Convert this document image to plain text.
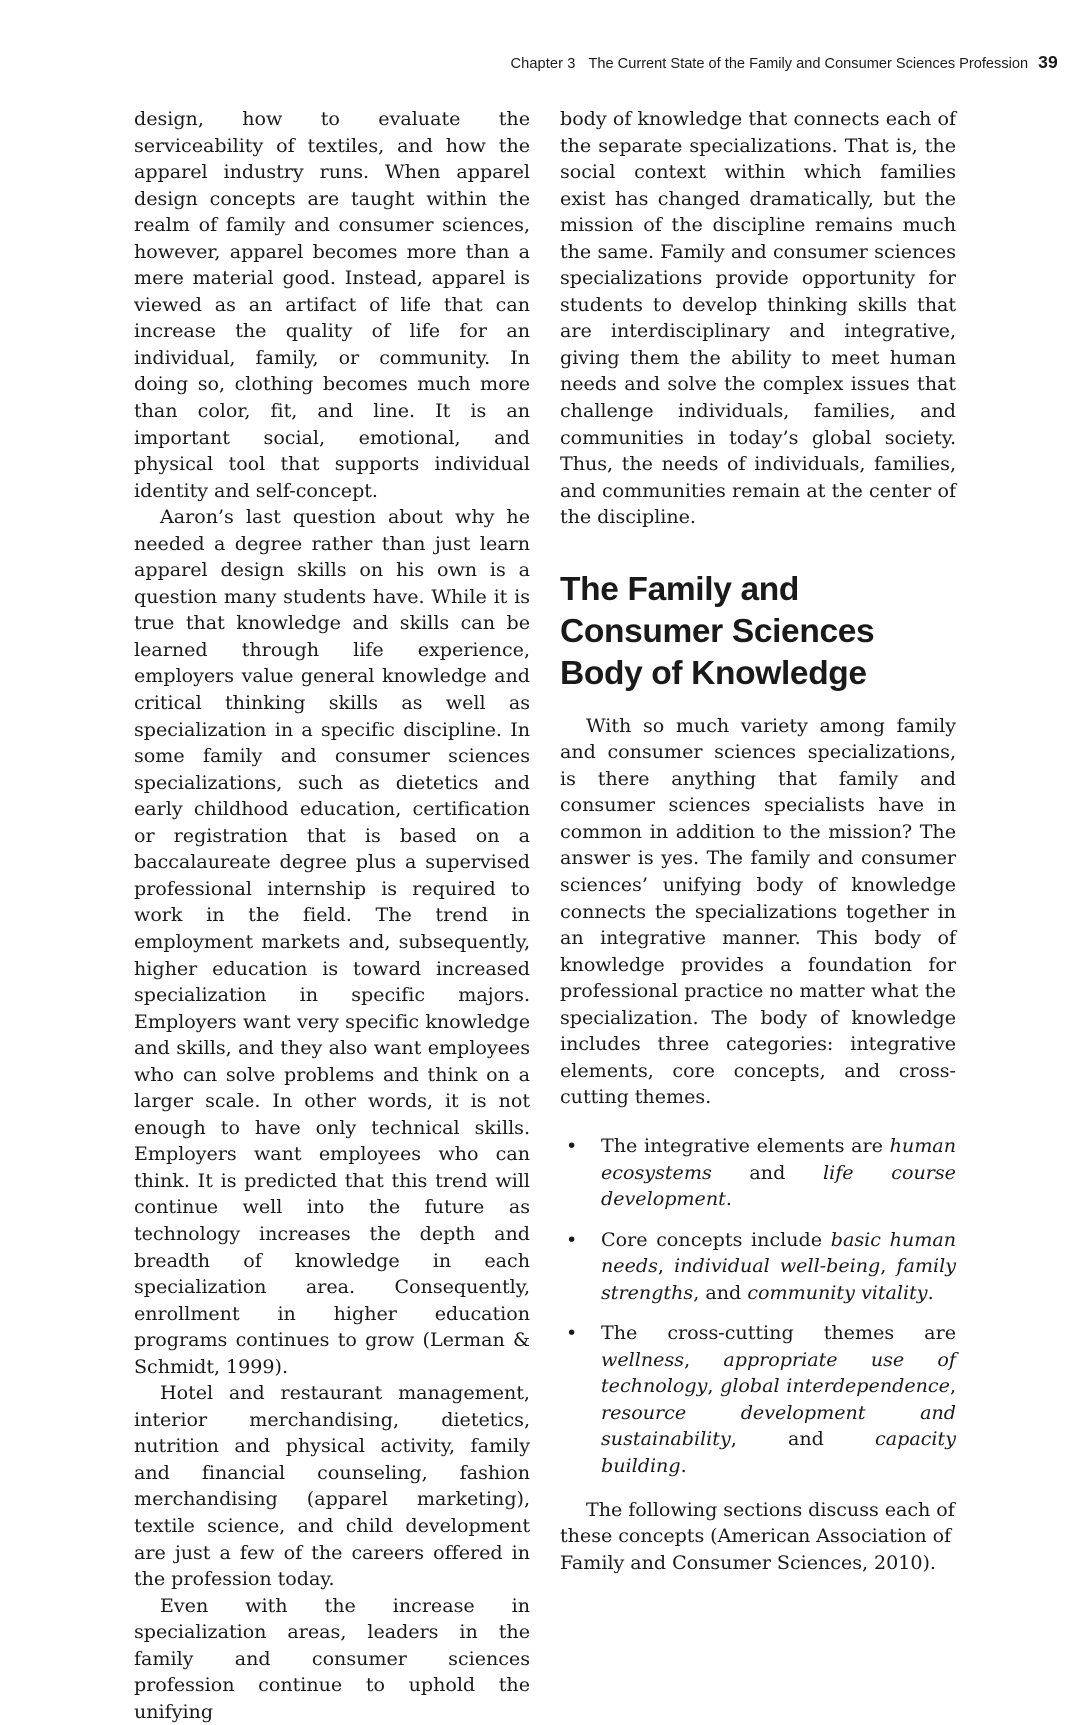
Chapter 3 The Current State of the Family and Consumer Sciences Profession 39

design, how to evaluate the serviceability of textiles, and how the apparel industry runs. When apparel design concepts are taught within the realm of family and consumer sciences, however, apparel becomes more than a mere material good. Instead, apparel is viewed as an artifact of life that can increase the quality of life for an individual, family, or community. In doing so, clothing becomes much more than color, fit, and line. It is an important social, emotional, and physical tool that supports individual identity and self-concept.

Aaron’s last question about why he needed a degree rather than just learn apparel design skills on his own is a question many students have. While it is true that knowledge and skills can be learned through life experience, employers value general knowledge and critical thinking skills as well as specialization in a specific discipline. In some family and consumer sciences specializations, such as dietetics and early childhood education, certification or registration that is based on a baccalaureate degree plus a supervised professional internship is required to work in the field. The trend in employment markets and, subsequently, higher education is toward increased specialization in specific majors. Employers want very specific knowledge and skills, and they also want employees who can solve problems and think on a larger scale. In other words, it is not enough to have only technical skills. Employers want employees who can think. It is predicted that this trend will continue well into the future as technology increases the depth and breadth of knowledge in each specialization area. Consequently, enrollment in higher education programs continues to grow (Lerman & Schmidt, 1999).

Hotel and restaurant management, interior merchandising, dietetics, nutrition and physical activity, family and financial counseling, fashion merchandising (apparel marketing), textile science, and child development are just a few of the careers offered in the profession today.

Even with the increase in specialization areas, leaders in the family and consumer sciences profession continue to uphold the unifying

body of knowledge that connects each of the separate specializations. That is, the social context within which families exist has changed dramatically, but the mission of the discipline remains much the same. Family and consumer sciences specializations provide opportunity for students to develop thinking skills that are interdisciplinary and integrative, giving them the ability to meet human needs and solve the complex issues that challenge individuals, families, and communities in today’s global society. Thus, the needs of individuals, families, and communities remain at the center of the discipline.

The Family and Consumer Sciences Body of Knowledge

With so much variety among family and consumer sciences specializations, is there anything that family and consumer sciences specialists have in common in addition to the mission? The answer is yes. The family and consumer sciences’ unifying body of knowledge connects the specializations together in an integrative manner. This body of knowledge provides a foundation for professional practice no matter what the specialization. The body of knowledge includes three categories: integrative elements, core concepts, and cross-cutting themes.

• The integrative elements are human ecosystems and life course development.
• Core concepts include basic human needs, individual well-being, family strengths, and community vitality.
• The cross-cutting themes are wellness, appropriate use of technology, global interdependence, resource development and sustainability, and capacity building.

The following sections discuss each of these concepts (American Association of Family and Consumer Sciences, 2010).
